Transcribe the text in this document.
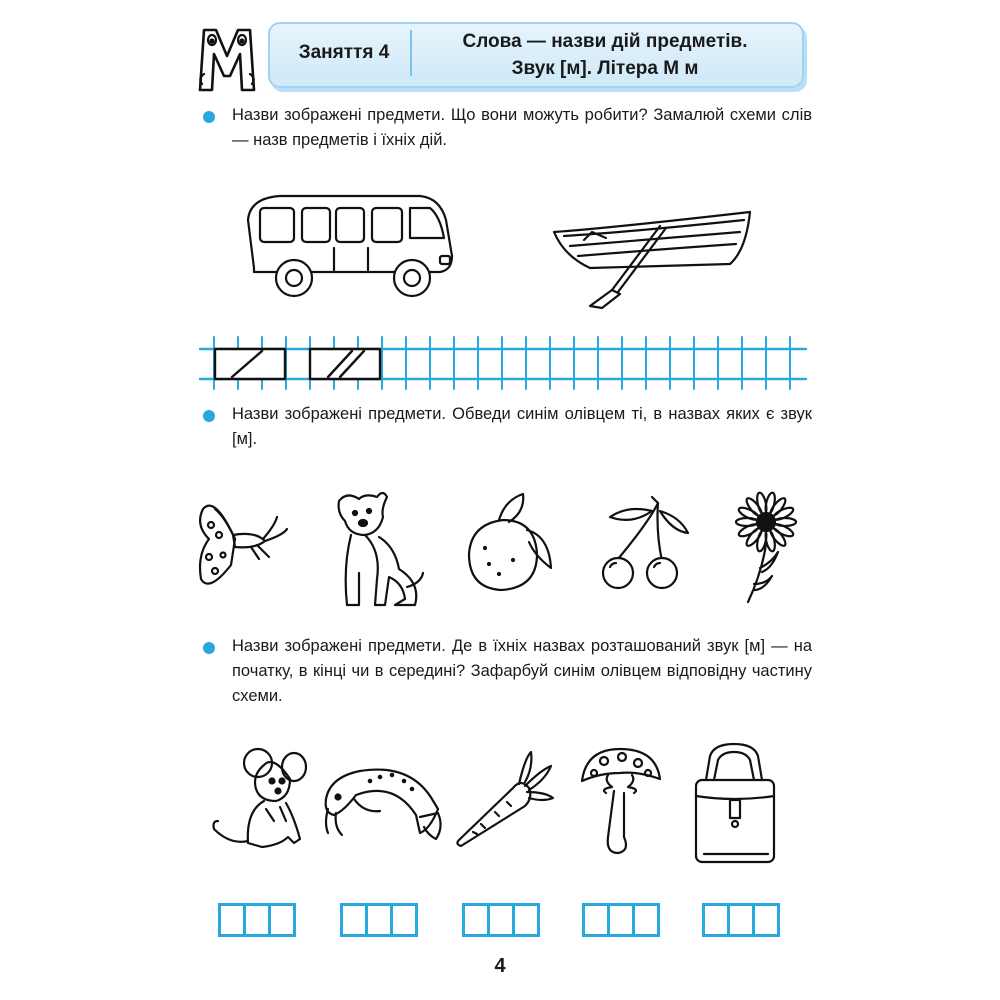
Заняття 4
Слова — назви дій предметів.
Звук [м]. Літера М м
Назви зображені предмети. Що вони можуть робити? Замалюй схеми слів — назв предметів і їхніх дій.
Назви зображені предмети. Обведи синім олівцем ті, в назвах яких є звук [м].
Назви зображені предмети. Де в їхніх назвах розташований звук [м] — на початку, в кінці чи в середині? Зафарбуй синім олівцем відповідну частину схеми.
4
